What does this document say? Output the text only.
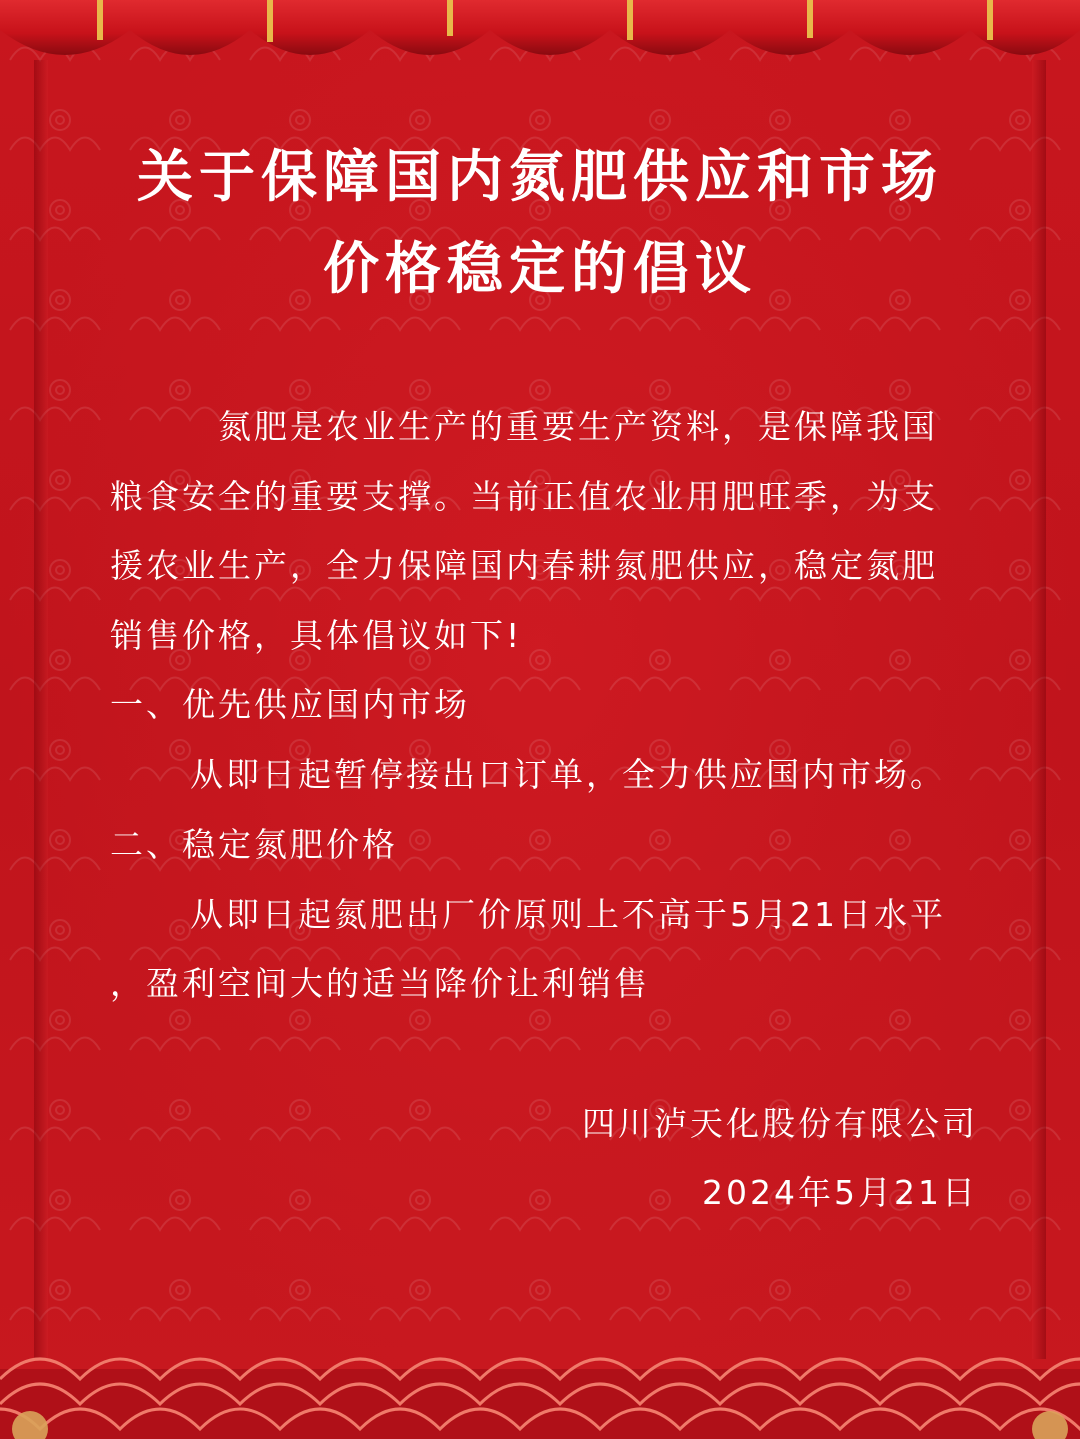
关于保障国内氮肥供应和市场
价格稳定的倡议
氮肥是农业生产的重要生产资料，是保障我国
粮食安全的重要支撑。当前正值农业用肥旺季，为支
援农业生产，全力保障国内春耕氮肥供应，稳定氮肥
销售价格，具体倡议如下!
一、优先供应国内市场
从即日起暂停接出口订单，全力供应国内市场。
二、稳定氮肥价格
从即日起氮肥出厂价原则上不高于5月21日水平
，盈利空间大的适当降价让利销售
四川泸天化股份有限公司
2024年5月21日
